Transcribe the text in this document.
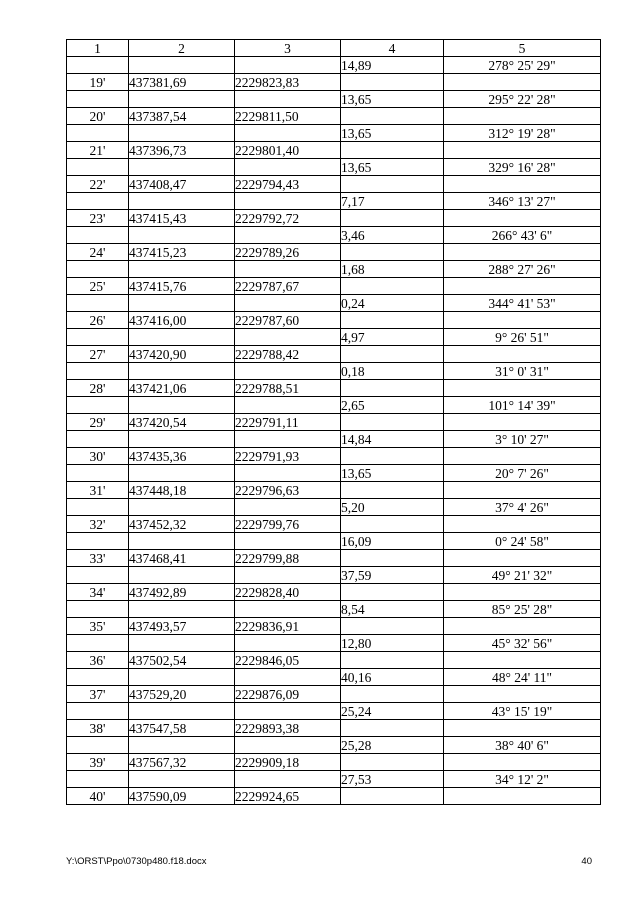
1	2	3	4	5
			14,89	278° 25' 29"
19'	437381,69	2229823,83		
			13,65	295° 22' 28"
20'	437387,54	2229811,50		
			13,65	312° 19' 28"
21'	437396,73	2229801,40		
			13,65	329° 16' 28"
22'	437408,47	2229794,43		
			7,17	346° 13' 27"
23'	437415,43	2229792,72		
			3,46	266° 43' 6"
24'	437415,23	2229789,26		
			1,68	288° 27' 26"
25'	437415,76	2229787,67		
			0,24	344° 41' 53"
26'	437416,00	2229787,60		
			4,97	9° 26' 51"
27'	437420,90	2229788,42		
			0,18	31° 0' 31"
28'	437421,06	2229788,51		
			2,65	101° 14' 39"
29'	437420,54	2229791,11		
			14,84	3° 10' 27"
30'	437435,36	2229791,93		
			13,65	20° 7' 26"
31'	437448,18	2229796,63		
			5,20	37° 4' 26"
32'	437452,32	2229799,76		
			16,09	0° 24' 58"
33'	437468,41	2229799,88		
			37,59	49° 21' 32"
34'	437492,89	2229828,40		
			8,54	85° 25' 28"
35'	437493,57	2229836,91		
			12,80	45° 32' 56"
36'	437502,54	2229846,05		
			40,16	48° 24' 11"
37'	437529,20	2229876,09		
			25,24	43° 15' 19"
38'	437547,58	2229893,38		
			25,28	38° 40' 6"
39'	437567,32	2229909,18		
			27,53	34° 12' 2"
40'	437590,09	2229924,65		
Y:\ORST\Ppo\0730p480.f18.docx	40
